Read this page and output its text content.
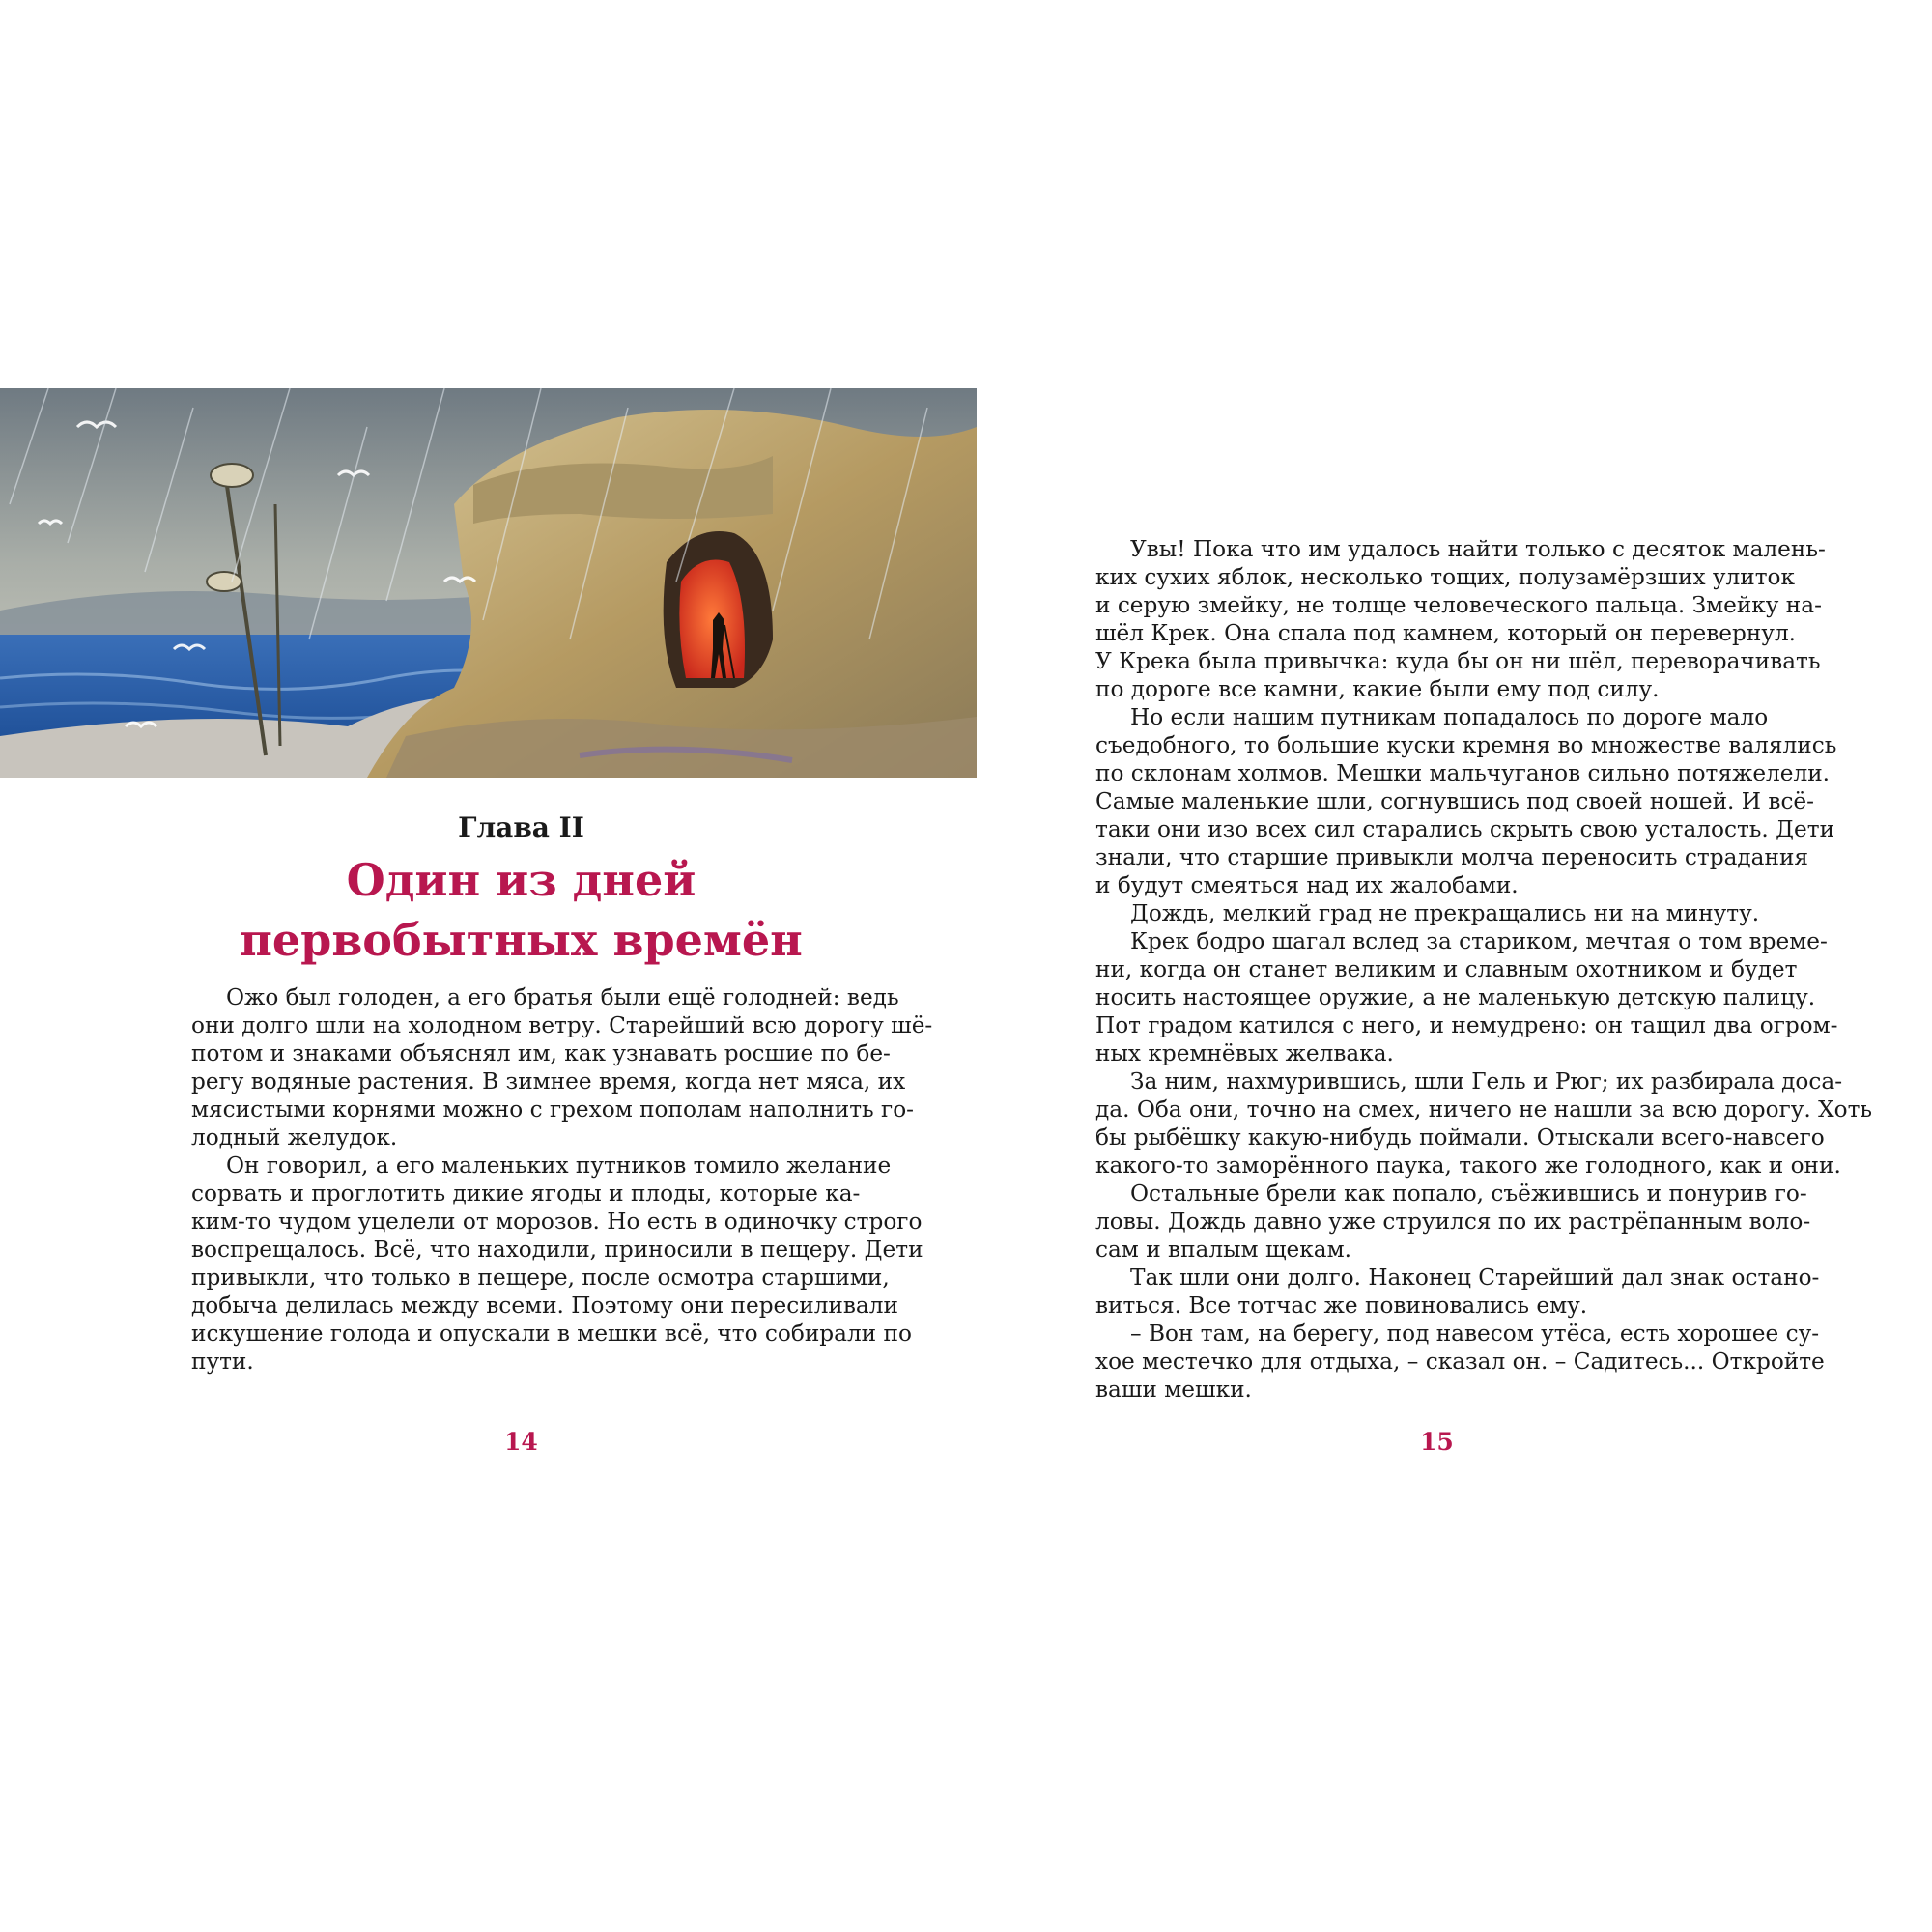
Глава II
Один из дней
первобытных времён
Ожо был голоден, а его братья были ещё голодней: ведь
они долго шли на холодном ветру. Старейший всю дорогу шё-
потом и знаками объяснял им, как узнавать росшие по бе-
регу водяные растения. В зимнее время, когда нет мяса, их
мясистыми корнями можно с грехом пополам наполнить го-
лодный желудок.
Он говорил, а его маленьких путников томило желание
сорвать и проглотить дикие ягоды и плоды, которые ка-
ким-то чудом уцелели от морозов. Но есть в одиночку строго
воспрещалось. Всё, что находили, приносили в пещеру. Дети
привыкли, что только в пещере, после осмотра старшими,
добыча делилась между всеми. Поэтому они пересиливали
искушение голода и опускали в мешки всё, что собирали по
пути.
14
Увы! Пока что им удалось найти только с десяток малень-
ких сухих яблок, несколько тощих, полузамёрзших улиток
и серую змейку, не толще человеческого пальца. Змейку на-
шёл Крек. Она спала под камнем, который он перевернул.
У Крека была привычка: куда бы он ни шёл, переворачивать
по дороге все камни, какие были ему под силу.
Но если нашим путникам попадалось по дороге мало
съедобного, то большие куски кремня во множестве валялись
по склонам холмов. Мешки мальчуганов сильно потяжелели.
Самые маленькие шли, согнувшись под своей ношей. И всё-
таки они изо всех сил старались скрыть свою усталость. Дети
знали, что старшие привыкли молча переносить страдания
и будут смеяться над их жалобами.
Дождь, мелкий град не прекращались ни на минуту.
Крек бодро шагал вслед за стариком, мечтая о том време-
ни, когда он станет великим и славным охотником и будет
носить настоящее оружие, а не маленькую детскую палицу.
Пот градом катился с него, и немудрено: он тащил два огром-
ных кремнёвых желвака.
За ним, нахмурившись, шли Гель и Рюг; их разбирала доса-
да. Оба они, точно на смех, ничего не нашли за всю дорогу. Хоть
бы рыбёшку какую-нибудь поймали. Отыскали всего-навсего
какого-то заморённого паука, такого же голодного, как и они.
Остальные брели как попало, съёжившись и понурив го-
ловы. Дождь давно уже струился по их растрёпанным воло-
сам и впалым щекам.
Так шли они долго. Наконец Старейший дал знак остано-
виться. Все тотчас же повиновались ему.
– Вон там, на берегу, под навесом утёса, есть хорошее су-
хое местечко для отдыха, – сказал он. – Садитесь... Откройте
ваши мешки.
15
